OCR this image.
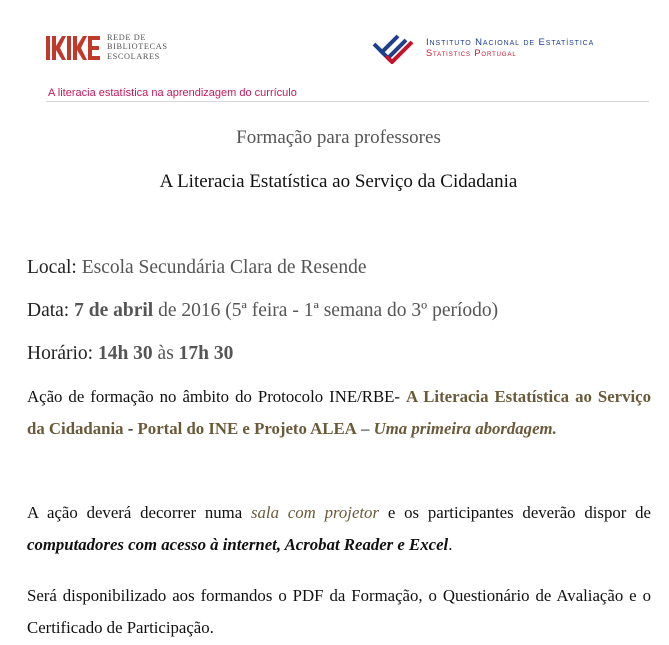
REDE DE
BIBLIOTECAS
ESCOLARES
Instituto Nacional de Estatística
Statistics Portugal
A literacia estatística na aprendizagem do currículo
Formação para professores
A Literacia Estatística ao Serviço da Cidadania
Local: Escola Secundária Clara de Resende
Data: 7 de abril de 2016 (5ª feira - 1ª semana do 3º período)
Horário: 14h 30 às 17h 30
Ação de formação no âmbito do Protocolo INE/RBE- A Literacia Estatística ao Serviço da Cidadania - Portal do INE e Projeto ALEA – Uma primeira abordagem.
A ação deverá decorrer numa sala com projetor e os participantes deverão dispor de computadores com acesso à internet, Acrobat Reader e Excel.
Será disponibilizado aos formandos o PDF da Formação, o Questionário de Avaliação e o Certificado de Participação.
